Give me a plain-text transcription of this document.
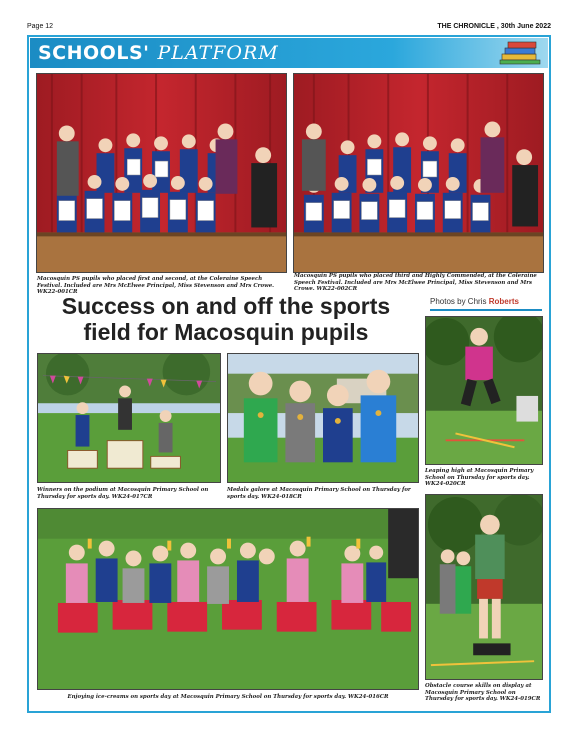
Page 12	THE CHRONICLE , 30th June 2022
SCHOOLS' PLATFORM
Macosquin PS pupils who placed first and second, at the Coleraine Speech Festival. Included are Mrs McElwee Principal, Miss Stevenson and Mrs Crowe. WK22-001CR
Macosquin PS pupils who placed third and Highly Commended, at the Coleraine Speech Festival. Included are Mrs McElwee Principal, Miss Stevenson and Mrs Crowe. WK22-002CR
Success on and off the sports
field for Macosquin pupils
Photos by Chris Roberts
Winners on the podium at Macosquin Primary School on Thursday for sports day. WK24-017CR
Medals galore at Macosquin Primary School on Thursday for sports day. WK24-018CR
Leaping high at Macosquin Primary School on Thursday for sports day. WK24-020CR
Enjoying ice-creams on sports day at Macosquin Primary School on Thursday for sports day. WK24-016CR
Obstacle course skills on display at Macosquin Primary School on Thursday for sports day. WK24-019CR
